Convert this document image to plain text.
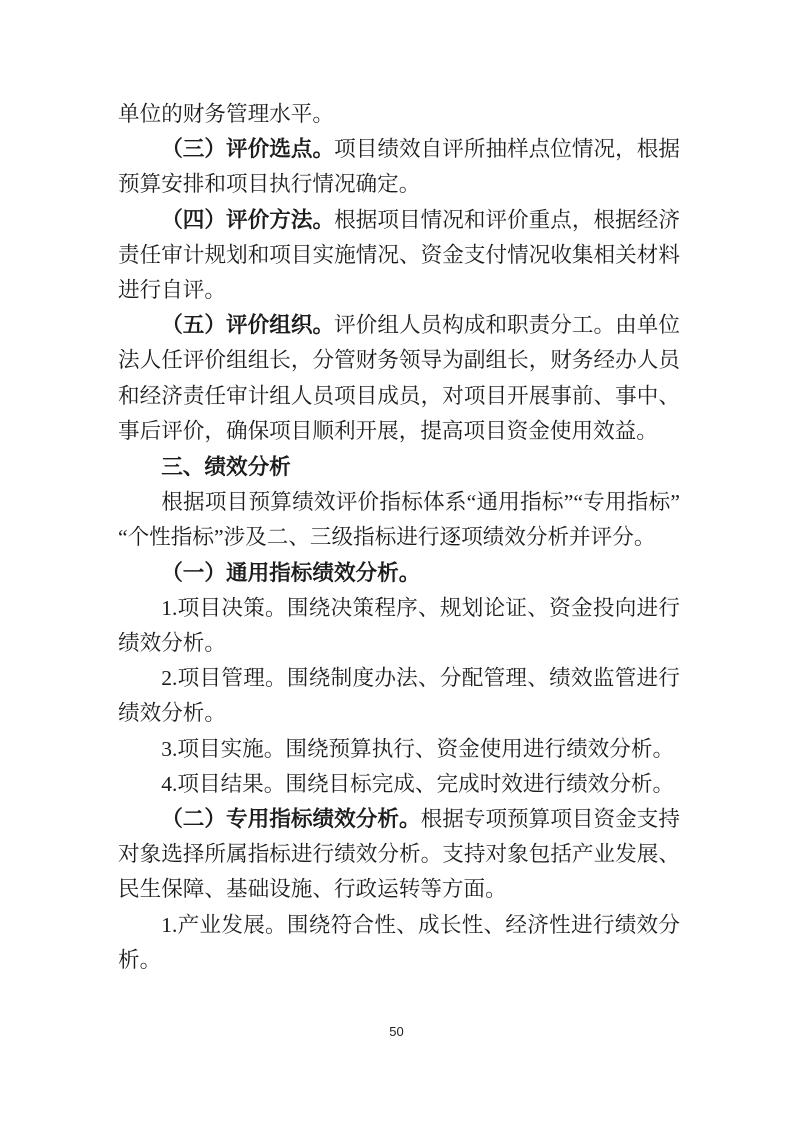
单位的财务管理水平。

（三）评价选点。项目绩效自评所抽样点位情况，根据预算安排和项目执行情况确定。

（四）评价方法。根据项目情况和评价重点，根据经济责任审计规划和项目实施情况、资金支付情况收集相关材料进行自评。

（五）评价组织。评价组人员构成和职责分工。由单位法人任评价组组长，分管财务领导为副组长，财务经办人员和经济责任审计组人员项目成员，对项目开展事前、事中、事后评价，确保项目顺利开展，提高项目资金使用效益。

三、绩效分析

根据项目预算绩效评价指标体系“通用指标”“专用指标”“个性指标”涉及二、三级指标进行逐项绩效分析并评分。

（一）通用指标绩效分析。

1.项目决策。围绕决策程序、规划论证、资金投向进行绩效分析。

2.项目管理。围绕制度办法、分配管理、绩效监管进行绩效分析。

3.项目实施。围绕预算执行、资金使用进行绩效分析。

4.项目结果。围绕目标完成、完成时效进行绩效分析。

（二）专用指标绩效分析。根据专项预算项目资金支持对象选择所属指标进行绩效分析。支持对象包括产业发展、民生保障、基础设施、行政运转等方面。

1.产业发展。围绕符合性、成长性、经济性进行绩效分析。

50
